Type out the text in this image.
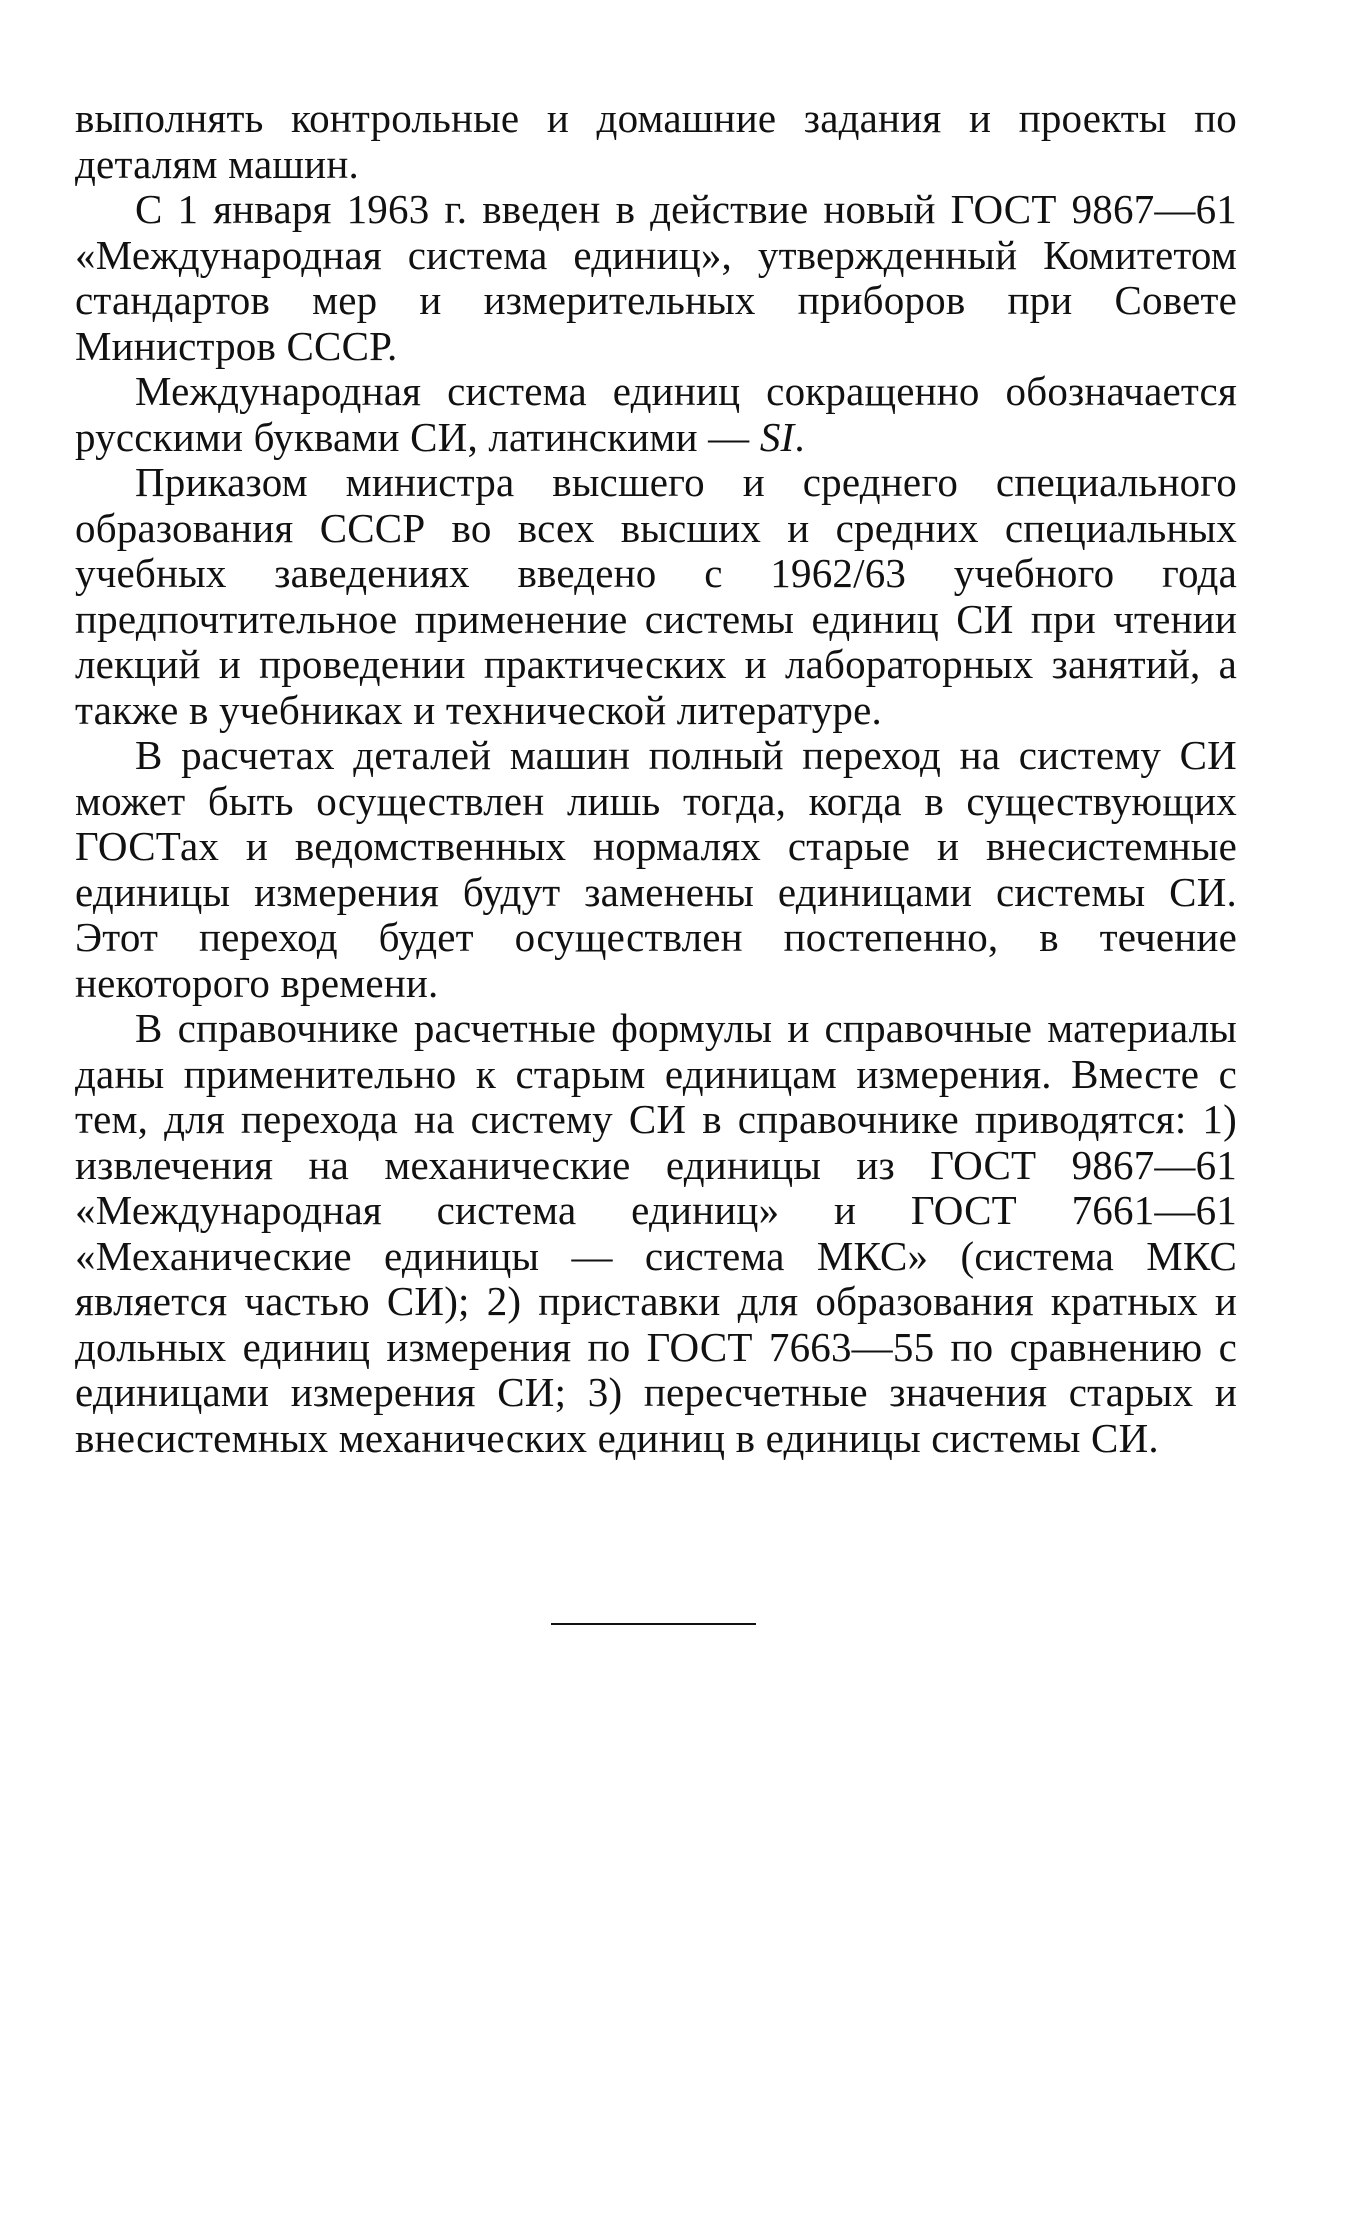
выполнять контрольные и домашние задания и проекты по деталям машин.

С 1 января 1963 г. введен в действие новый ГОСТ 9867—61 «Международная система единиц», утвержденный Комитетом стандартов мер и измерительных приборов при Совете Министров СССР.

Международная система единиц сокращенно обозначается русскими буквами СИ, латинскими — SI.

Приказом министра высшего и среднего специального образования СССР во всех высших и средних специальных учебных заведениях введено с 1962/63 учебного года предпочтительное применение системы единиц СИ при чтении лекций и проведении практических и лабораторных занятий, а также в учебниках и технической литературе.

В расчетах деталей машин полный переход на систему СИ может быть осуществлен лишь тогда, когда в существующих ГОСТах и ведомственных нормалях старые и внесистемные единицы измерения будут заменены единицами системы СИ. Этот переход будет осуществлен постепенно, в течение некоторого времени.

В справочнике расчетные формулы и справочные материалы даны применительно к старым единицам измерения. Вместе с тем, для перехода на систему СИ в справочнике приводятся: 1) извлечения на механические единицы из ГОСТ 9867—61 «Международная система единиц» и ГОСТ 7661—61 «Механические единицы — система МКС» (система МКС является частью СИ); 2) приставки для образования кратных и дольных единиц измерения по ГОСТ 7663—55 по сравнению с единицами измерения СИ; 3) пересчетные значения старых и внесистемных механических единиц в единицы системы СИ.
